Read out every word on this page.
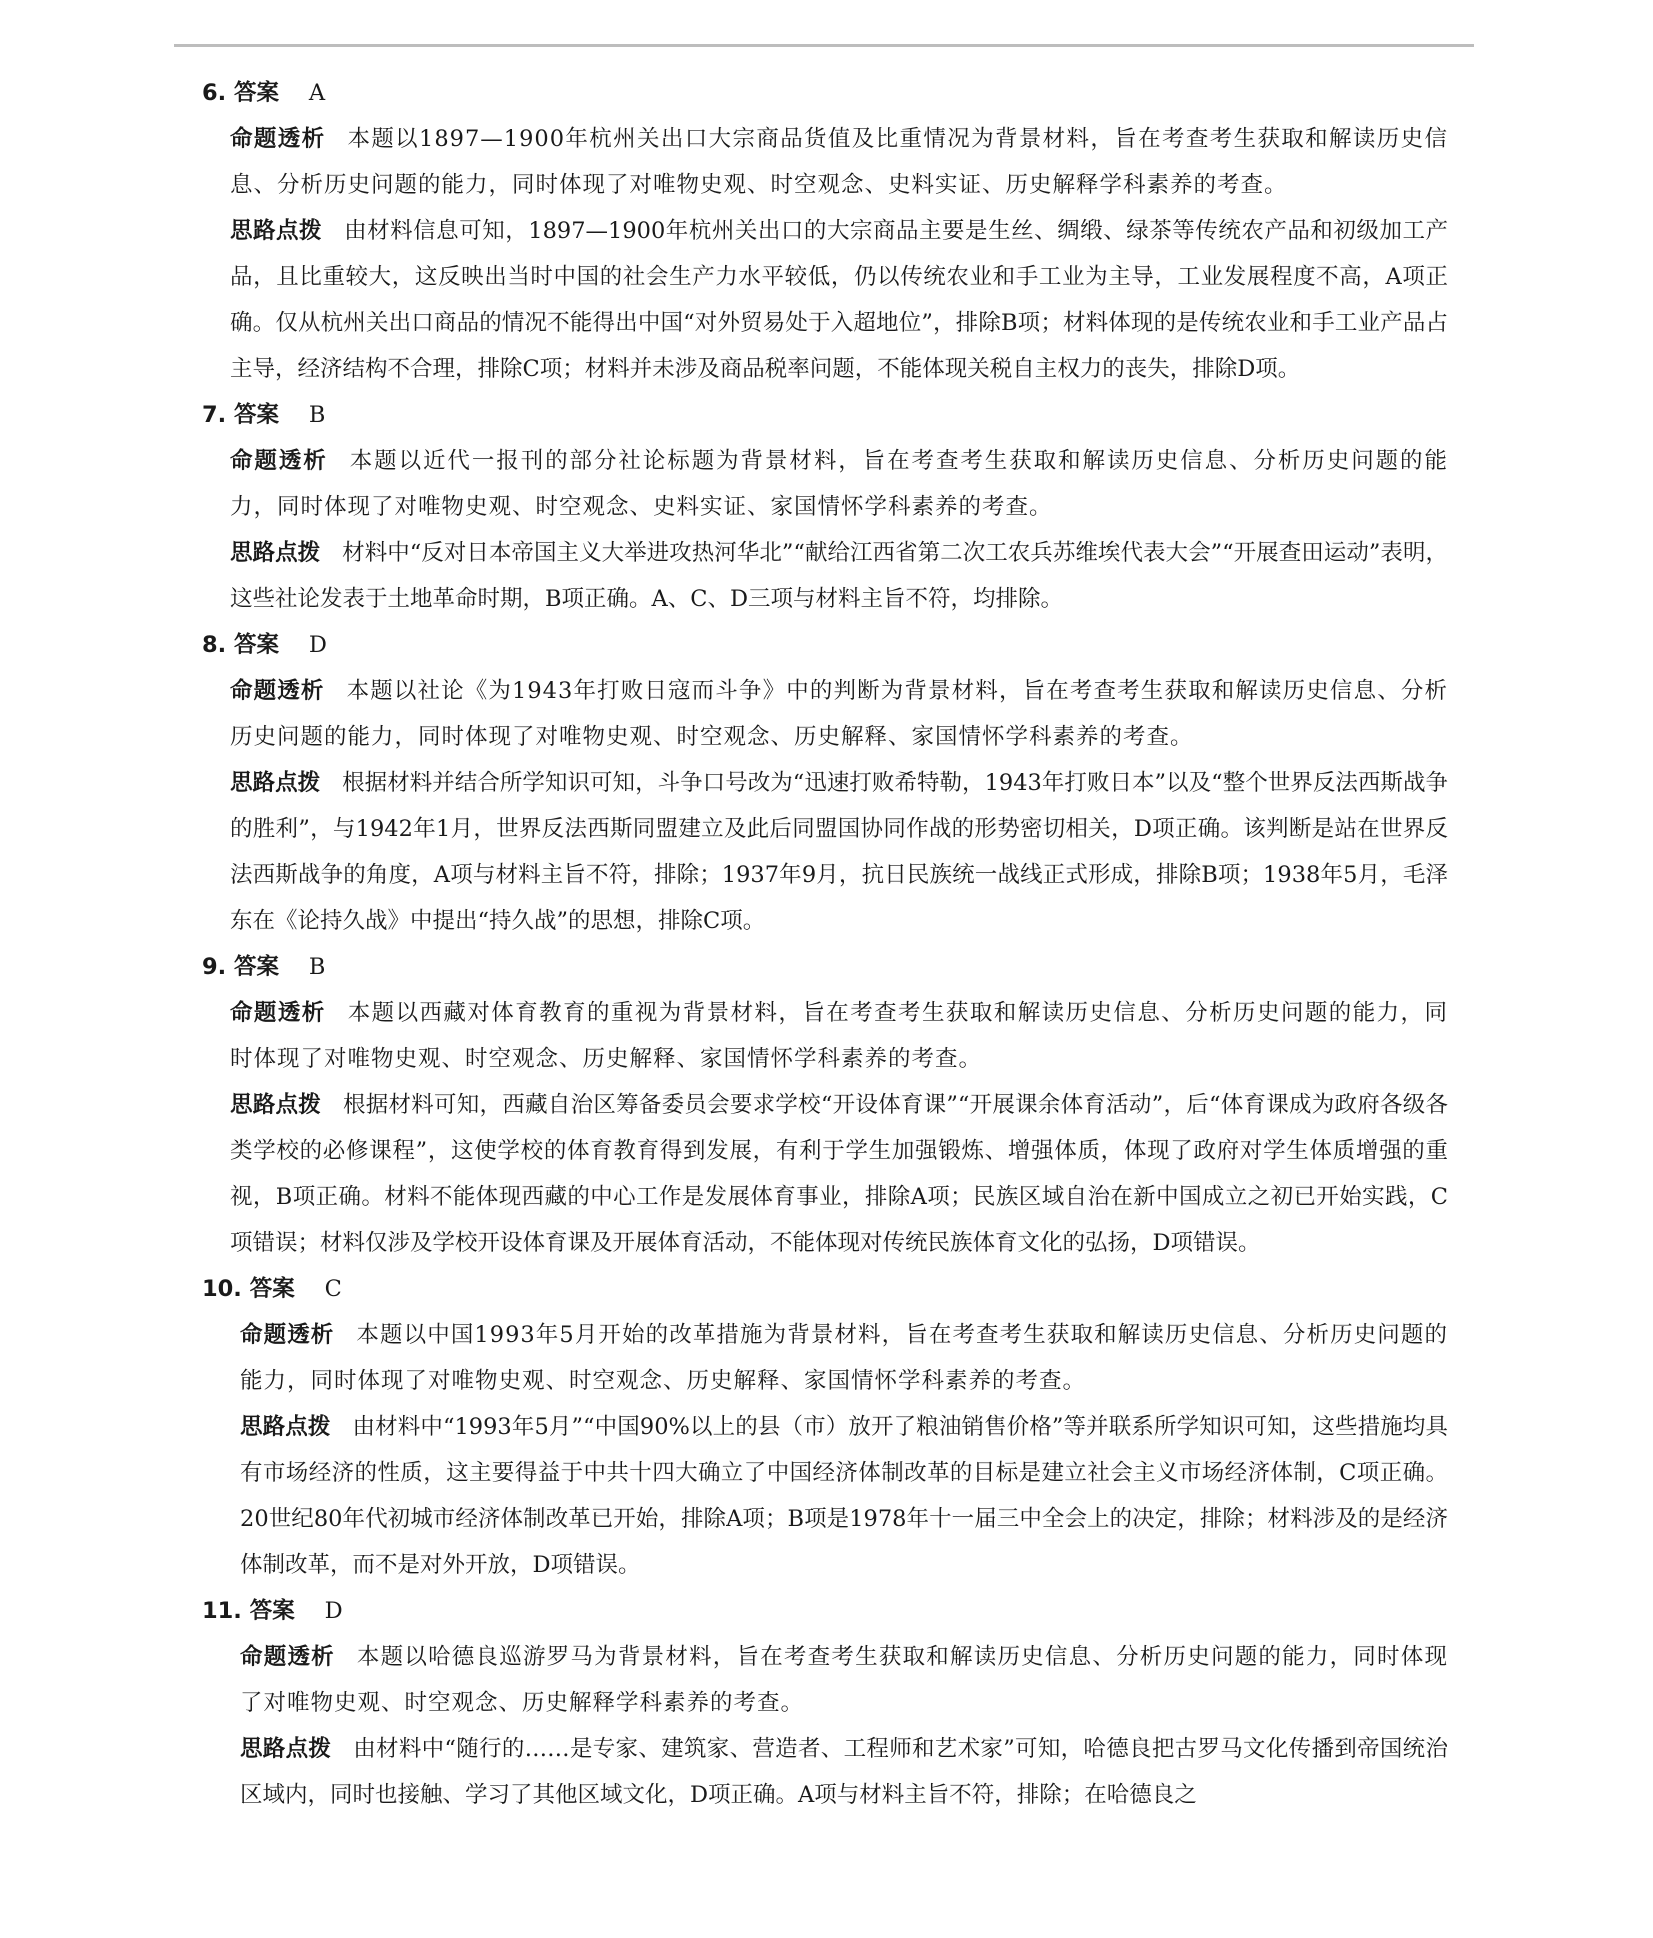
6. 答案 A

命题透析 本题以1897—1900年杭州关出口大宗商品货值及比重情况为背景材料，旨在考查考生获取和解读历史信息、分析历史问题的能力，同时体现了对唯物史观、时空观念、史料实证、历史解释学科素养的考查。

思路点拨 由材料信息可知，1897—1900年杭州关出口的大宗商品主要是生丝、绸缎、绿茶等传统农产品和初级加工产品，且比重较大，这反映出当时中国的社会生产力水平较低，仍以传统农业和手工业为主导，工业发展程度不高，A项正确。仅从杭州关出口商品的情况不能得出中国“对外贸易处于入超地位”，排除B项；材料体现的是传统农业和手工业产品占主导，经济结构不合理，排除C项；材料并未涉及商品税率问题，不能体现关税自主权力的丧失，排除D项。

7. 答案 B

命题透析 本题以近代一报刊的部分社论标题为背景材料，旨在考查考生获取和解读历史信息、分析历史问题的能力，同时体现了对唯物史观、时空观念、史料实证、家国情怀学科素养的考查。

思路点拨 材料中“反对日本帝国主义大举进攻热河华北”“献给江西省第二次工农兵苏维埃代表大会”“开展查田运动”表明，这些社论发表于土地革命时期，B项正确。A、C、D三项与材料主旨不符，均排除。

8. 答案 D

命题透析 本题以社论《为1943年打败日寇而斗争》中的判断为背景材料，旨在考查考生获取和解读历史信息、分析历史问题的能力，同时体现了对唯物史观、时空观念、历史解释、家国情怀学科素养的考查。

思路点拨 根据材料并结合所学知识可知，斗争口号改为“迅速打败希特勒，1943年打败日本”以及“整个世界反法西斯战争的胜利”，与1942年1月，世界反法西斯同盟建立及此后同盟国协同作战的形势密切相关，D项正确。该判断是站在世界反法西斯战争的角度，A项与材料主旨不符，排除；1937年9月，抗日民族统一战线正式形成，排除B项；1938年5月，毛泽东在《论持久战》中提出“持久战”的思想，排除C项。

9. 答案 B

命题透析 本题以西藏对体育教育的重视为背景材料，旨在考查考生获取和解读历史信息、分析历史问题的能力，同时体现了对唯物史观、时空观念、历史解释、家国情怀学科素养的考查。

思路点拨 根据材料可知，西藏自治区筹备委员会要求学校“开设体育课”“开展课余体育活动”，后“体育课成为政府各级各类学校的必修课程”，这使学校的体育教育得到发展，有利于学生加强锻炼、增强体质，体现了政府对学生体质增强的重视，B项正确。材料不能体现西藏的中心工作是发展体育事业，排除A项；民族区域自治在新中国成立之初已开始实践，C项错误；材料仅涉及学校开设体育课及开展体育活动，不能体现对传统民族体育文化的弘扬，D项错误。

10. 答案 C

命题透析 本题以中国1993年5月开始的改革措施为背景材料，旨在考查考生获取和解读历史信息、分析历史问题的能力，同时体现了对唯物史观、时空观念、历史解释、家国情怀学科素养的考查。

思路点拨 由材料中“1993年5月”“中国90%以上的县（市）放开了粮油销售价格”等并联系所学知识可知，这些措施均具有市场经济的性质，这主要得益于中共十四大确立了中国经济体制改革的目标是建立社会主义市场经济体制，C项正确。20世纪80年代初城市经济体制改革已开始，排除A项；B项是1978年十一届三中全会上的决定，排除；材料涉及的是经济体制改革，而不是对外开放，D项错误。

11. 答案 D

命题透析 本题以哈德良巡游罗马为背景材料，旨在考查考生获取和解读历史信息、分析历史问题的能力，同时体现了对唯物史观、时空观念、历史解释学科素养的考查。

思路点拨 由材料中“随行的……是专家、建筑家、营造者、工程师和艺术家”可知，哈德良把古罗马文化传播到帝国统治区域内，同时也接触、学习了其他区域文化，D项正确。A项与材料主旨不符，排除；在哈德良之
